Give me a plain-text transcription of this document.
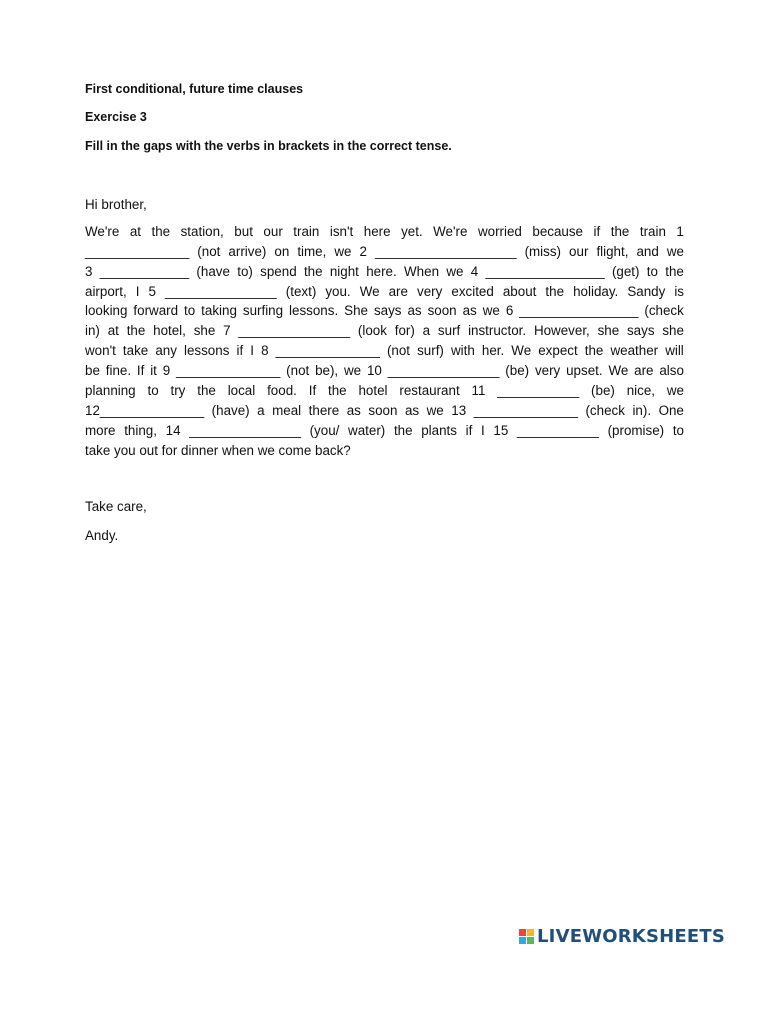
First conditional, future time clauses

Exercise 3

Fill in the gaps with the verbs in brackets in the correct tense.

Hi brother,

We're at the station, but our train isn't here yet. We're worried because if the train 1
______________ (not arrive) on time, we 2 ___________________ (miss) our flight, and we
3 ____________ (have to) spend the night here. When we 4 ________________ (get) to the
airport, I 5 _______________ (text) you. We are very excited about the holiday. Sandy is
looking forward to taking surfing lessons. She says as soon as we 6 ________________ (check
in) at the hotel, she 7 _______________ (look for) a surf instructor. However, she says she
won't take any lessons if I 8 ______________ (not surf) with her. We expect the weather will
be fine. If it 9 ______________ (not be), we 10 _______________ (be) very upset. We are also
planning to try the local food. If the hotel restaurant 11 ___________ (be) nice, we
12______________ (have) a meal there as soon as we 13 ______________ (check in). One
more thing, 14 _______________ (you/ water) the plants if I 15 ___________ (promise) to
take you out for dinner when we come back?

Take care,

Andy.

LIVEWORKSHEETS
